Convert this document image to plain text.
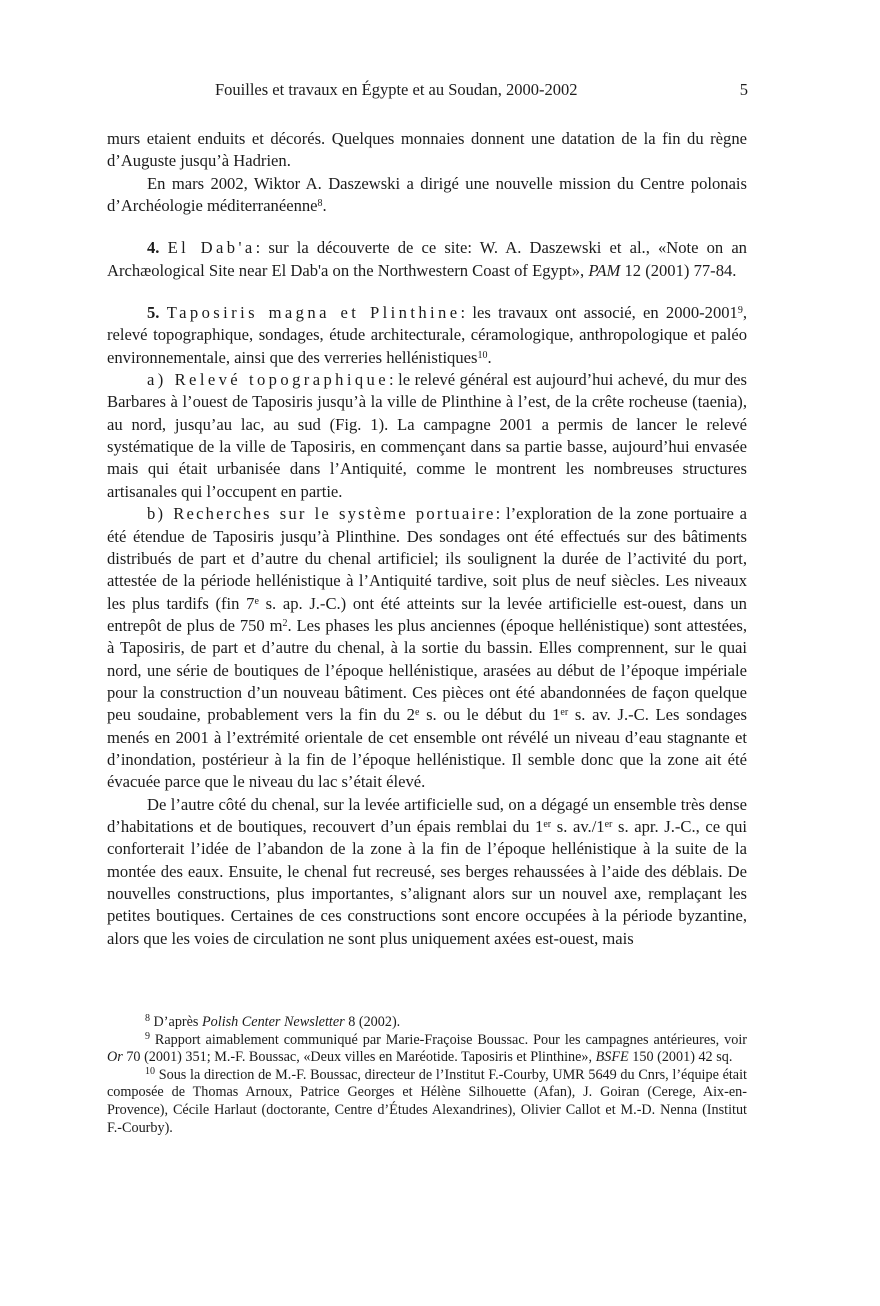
Fouilles et travaux en Égypte et au Soudan, 2000-2002	5

murs etaient enduits et décorés. Quelques monnaies donnent une datation de la fin du règne d’Auguste jusqu’à Hadrien.

En mars 2002, Wiktor A. Daszewski a dirigé une nouvelle mission du Centre polonais d’Archéologie méditerranéenne$^8$.

4. El Dab'a: sur la découverte de ce site: W. A. Daszewski et al., «Note on an Archæological Site near El Dab'a on the Northwestern Coast of Egypt», PAM 12 (2001) 77-84.

5. Taposiris magna et Plinthine: les travaux ont associé, en 2000-2001$^9$, relevé topographique, sondages, étude architecturale, céramologique, anthropologique et paléo environnementale, ainsi que des verreries hellénistiques$^{10}$.

a) Relevé topographique: le relevé général est aujourd’hui achevé, du mur des Barbares à l’ouest de Taposiris jusqu’à la ville de Plinthine à l’est, de la crête rocheuse (taenia), au nord, jusqu’au lac, au sud (Fig. 1). La campagne 2001 a permis de lancer le relevé systématique de la ville de Taposiris, en commençant dans sa partie basse, aujourd’hui envasée mais qui était urbanisée dans l’Antiquité, comme le montrent les nombreuses structures artisanales qui l’occupent en partie.

b) Recherches sur le système portuaire: l’exploration de la zone portuaire a été étendue de Taposiris jusqu’à Plinthine. Des sondages ont été effectués sur des bâtiments distribués de part et d’autre du chenal artificiel; ils soulignent la durée de l’activité du port, attestée de la période hellénistique à l’Antiquité tardive, soit plus de neuf siècles. Les niveaux les plus tardifs (fin 7e s. ap. J.-C.) ont été atteints sur la levée artificielle est-ouest, dans un entrepôt de plus de 750 $m^2$. Les phases les plus anciennes (époque hellénistique) sont attestées, à Taposiris, de part et d’autre du chenal, à la sortie du bassin. Elles comprennent, sur le quai nord, une série de boutiques de l’époque hellénistique, arasées au début de l’époque impériale pour la construction d’un nouveau bâtiment. Ces pièces ont été abandonnées de façon quelque peu soudaine, probablement vers la fin du 2e s. ou le début du 1er s. av. J.-C. Les sondages menés en 2001 à l’extrémité orientale de cet ensemble ont révélé un niveau d’eau stagnante et d’inondation, postérieur à la fin de l’époque hellénistique. Il semble donc que la zone ait été évacuée parce que le niveau du lac s’était élevé.

De l’autre côté du chenal, sur la levée artificielle sud, on a dégagé un ensemble très dense d’habitations et de boutiques, recouvert d’un épais remblai du 1er s. av./1er s. apr. J.-C., ce qui conforterait l’idée de l’abandon de la zone à la fin de l’époque hellénistique à la suite de la montée des eaux. Ensuite, le chenal fut recreusé, ses berges rehaussées à l’aide des déblais. De nouvelles constructions, plus importantes, s’alignant alors sur un nouvel axe, remplaçant les petites boutiques. Certaines de ces constructions sont encore occupées à la période byzantine, alors que les voies de circulation ne sont plus uniquement axées est-ouest, mais

$^8$ D’après Polish Center Newsletter 8 (2002).

$^9$ Rapport aimablement communiqué par Marie-Fraçoise Boussac. Pour les campagnes antérieures, voir Or 70 (2001) 351; M.-F. Boussac, «Deux villes en Maréotide. Taposiris et Plinthine», BSFE 150 (2001) 42 sq.

$^{10}$ Sous la direction de M.-F. Boussac, directeur de l’Institut F.-Courby, UMR 5649 du Cnrs, l’équipe était composée de Thomas Arnoux, Patrice Georges et Hélène Silhouette (Afan), J. Goiran (Cerege, Aix-en-Provence), Cécile Harlaut (doctorante, Centre d’Études Alexandrines), Olivier Callot et M.-D. Nenna (Institut F.-Courby).
